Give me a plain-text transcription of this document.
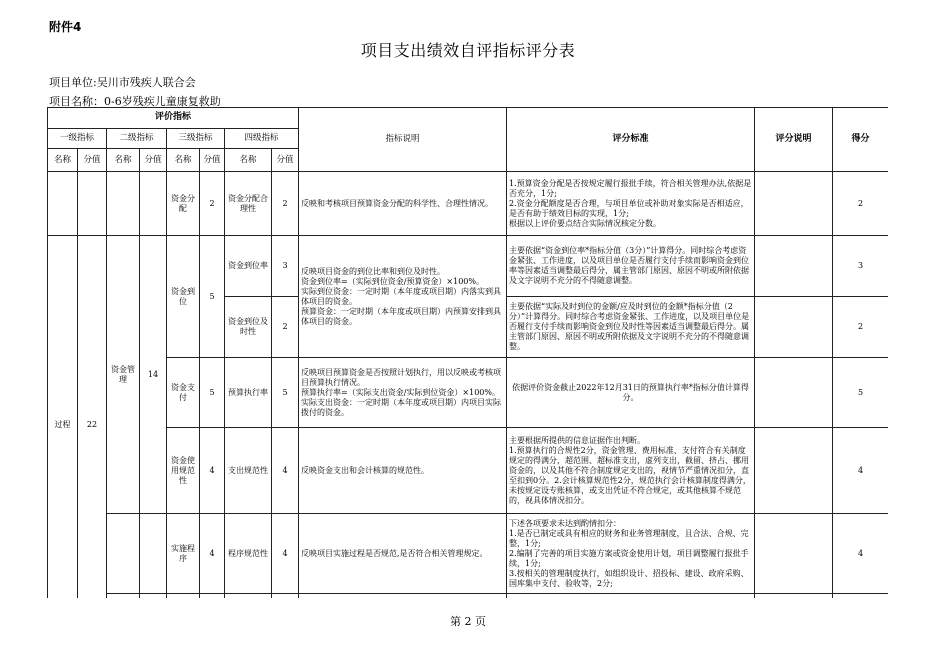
附件4
项目支出绩效自评指标评分表
项目单位:吴川市残疾人联合会
项目名称：0-6岁残疾儿童康复救助
评价指标								指标说明	评分标准	评分说明	得分
一级指标		二级指标		三级指标		四级指标					
名称	分值	名称	分值	名称	分值	名称	分值				
				资金分配	2	资金分配合理性	2	反映和考核项目预算资金分配的科学性、合理性情况。	1.预算资金分配是否按规定履行报批手续，符合相关管理办法,依据是否充分，1分;
2.资金分配额度是否合理，与项目单位或补助对象实际是否相适应，是否有助于绩效目标的实现，1分;
根据以上评价要点结合实际情况核定分数。		2
过程	22	资金管理	14	资金到位	5	资金到位率	3	反映项目资金的到位比率和到位及时性。
资金到位率=（实际到位资金/预算资金）×100%。
实际到位资金：一定时期（本年度或项目期）内落实到具体项目的资金。
预算资金：一定时期（本年度或项目期）内预算安排到具体项目的资金。	主要依据“资金到位率*指标分值（3分）”计算得分。同时综合考虑资金紧张、工作进度，以及项目单位是否履行支付手续而影响资金到位率等因素适当调整最后得分，属主管部门原因、原因不明或所附依据及文字说明不充分的不得随意调整。		3
						资金到位及时性	2		主要依据“实际及时到位的金额/应及时到位的金额*指标分值（2分）”计算得分。同时综合考虑资金紧张、工作进度，以及项目单位是否履行支付手续而影响资金到位及时性等因素适当调整最后得分。属主管部门原因、原因不明或所附依据及文字说明不充分的不得随意调整。		2
				资金支付	5	预算执行率	5	反映项目预算资金是否按照计划执行，用以反映或考核项目预算执行情况。
预算执行率=（实际支出资金/实际到位资金）×100%。
实际支出资金：一定时期（本年度或项目期）内项目实际拨付的资金。	依据评价资金截止2022年12月31日的预算执行率*指标分值计算得分。		5
				资金使用规范性	4	支出规范性	4	反映资金支出和会计核算的规范性。	主要根据所提供的信息证据作出判断。
1.预算执行的合规性2分，资金管理、费用标准、支付符合有关制度规定的得满分，超范围、超标准支出，虚列支出，截留、挤占、挪用资金的，以及其他不符合制度规定支出的，视情节严重情况扣分，直至扣到0分。2.会计核算规范性2分，规范执行会计核算制度得满分，未按规定设专账核算，或支出凭证不符合规定，或其他核算不规范的，视具体情况扣分。		4
				实施程序	4	程序规范性	4	反映项目实施过程是否规范,是否符合相关管理规定。	下述各项要求未达到酌情扣分：
1.是否已制定或具有相应的财务和业务管理制度，且合法、合规、完整，1分;
2.编制了完善的项目实施方案或资金使用计划，项目调整履行报批手续，1分;
3.按相关的管理制度执行，如组织设计、招投标、建设、政府采购、国库集中支付、验收等，2分;		4

第 2 页
